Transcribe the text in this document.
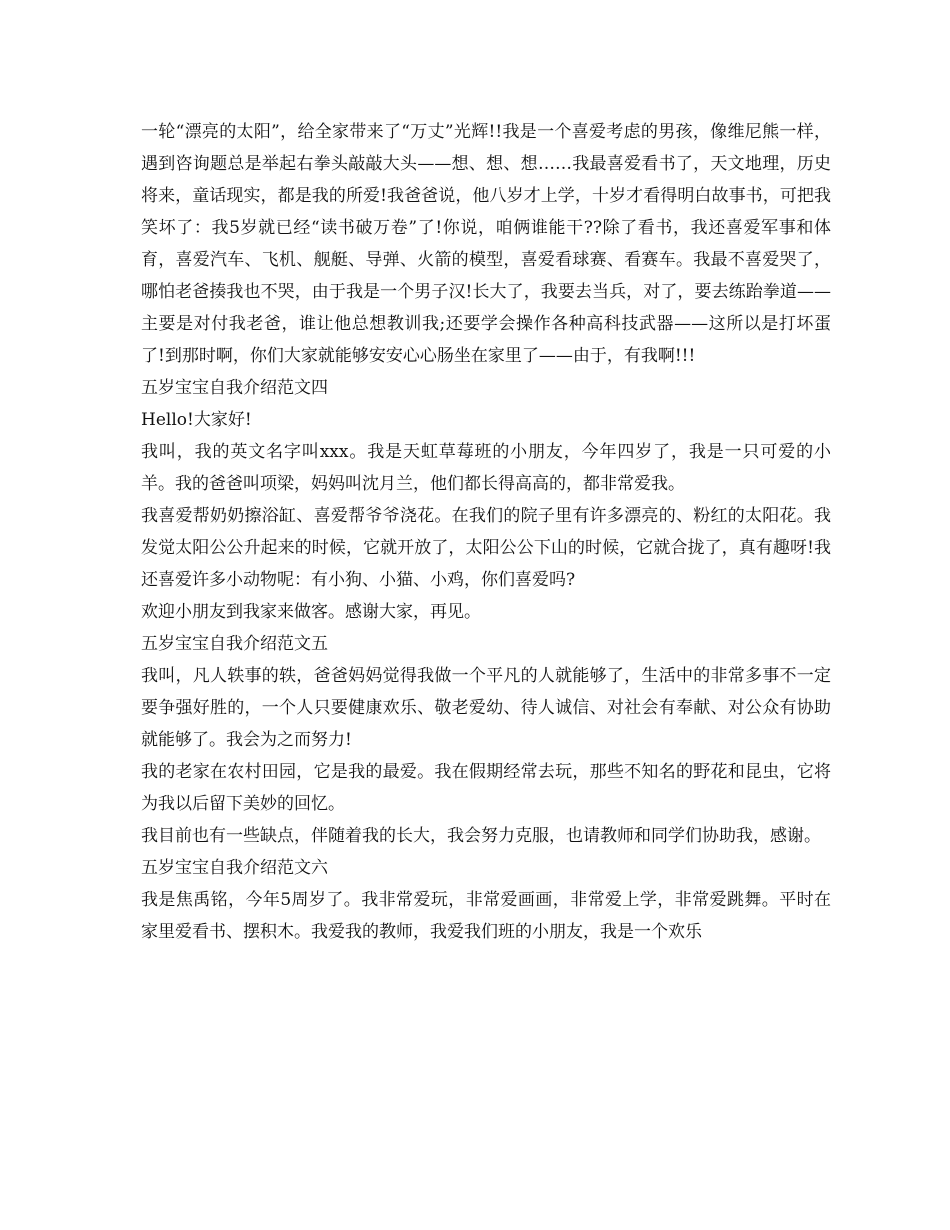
一轮“漂亮的太阳”，给全家带来了“万丈”光辉!!我是一个喜爱考虑的男孩，像维尼熊一样，遇到咨询题总是举起右拳头敲敲大头——想、想、想……我最喜爱看书了，天文地理，历史将来，童话现实，都是我的所爱!我爸爸说，他八岁才上学，十岁才看得明白故事书，可把我笑坏了：我5岁就已经“读书破万卷”了!你说，咱俩谁能干??除了看书，我还喜爱军事和体育，喜爱汽车、飞机、舰艇、导弹、火箭的模型，喜爱看球赛、看赛车。我最不喜爱哭了，哪怕老爸揍我也不哭，由于我是一个男子汉!长大了，我要去当兵，对了，要去练跆拳道——主要是对付我老爸，谁让他总想教训我;还要学会操作各种高科技武器——这所以是打坏蛋了!到那时啊，你们大家就能够安安心心肠坐在家里了——由于，有我啊!!!

五岁宝宝自我介绍范文四

Hello!大家好!

我叫，我的英文名字叫xxx。我是天虹草莓班的小朋友，今年四岁了，我是一只可爱的小羊。我的爸爸叫项梁，妈妈叫沈月兰，他们都长得高高的，都非常爱我。

我喜爱帮奶奶擦浴缸、喜爱帮爷爷浇花。在我们的院子里有许多漂亮的、粉红的太阳花。我发觉太阳公公升起来的时候，它就开放了，太阳公公下山的时候，它就合拢了，真有趣呀!我还喜爱许多小动物呢：有小狗、小猫、小鸡，你们喜爱吗?

欢迎小朋友到我家来做客。感谢大家，再见。

五岁宝宝自我介绍范文五

我叫，凡人轶事的轶，爸爸妈妈觉得我做一个平凡的人就能够了，生活中的非常多事不一定要争强好胜的，一个人只要健康欢乐、敬老爱幼、待人诚信、对社会有奉献、对公众有协助就能够了。我会为之而努力!

我的老家在农村田园，它是我的最爱。我在假期经常去玩，那些不知名的野花和昆虫，它将为我以后留下美妙的回忆。

我目前也有一些缺点，伴随着我的长大，我会努力克服，也请教师和同学们协助我，感谢。

五岁宝宝自我介绍范文六

我是焦禹铭，今年5周岁了。我非常爱玩，非常爱画画，非常爱上学，非常爱跳舞。平时在家里爱看书、摆积木。我爱我的教师，我爱我们班的小朋友，我是一个欢乐
